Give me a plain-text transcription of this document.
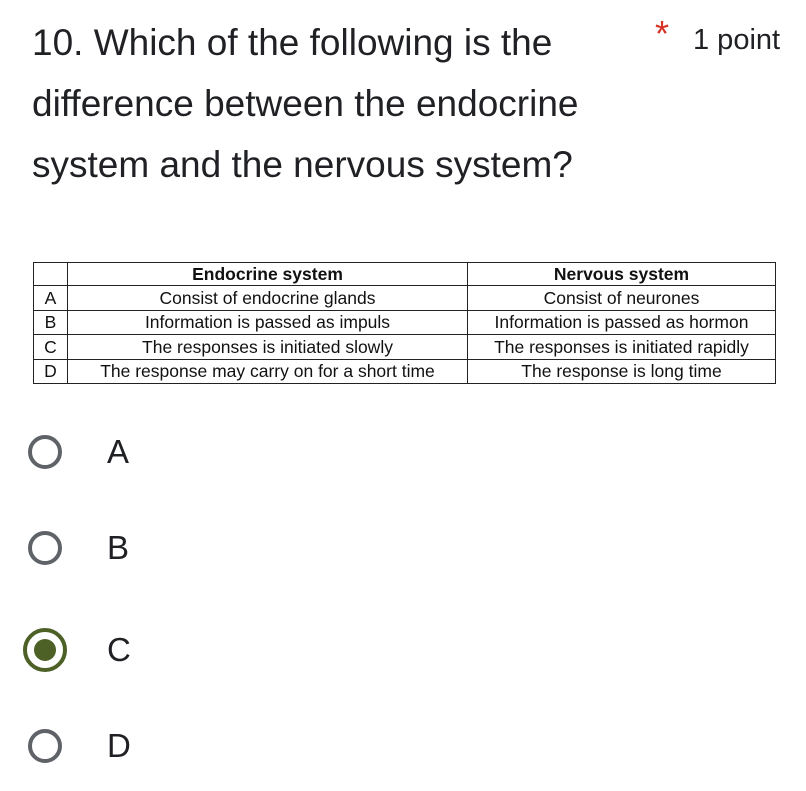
10. Which of the following is the difference between the endocrine system and the nervous system?
* 1 point
	Endocrine system	Nervous system
A	Consist of endocrine glands	Consist of neurones
B	Information is passed as impuls	Information is passed as hormon
C	The responses is initiated slowly	The responses is initiated rapidly
D	The response may carry on for a short time	The response is long time
A
B
C
D
